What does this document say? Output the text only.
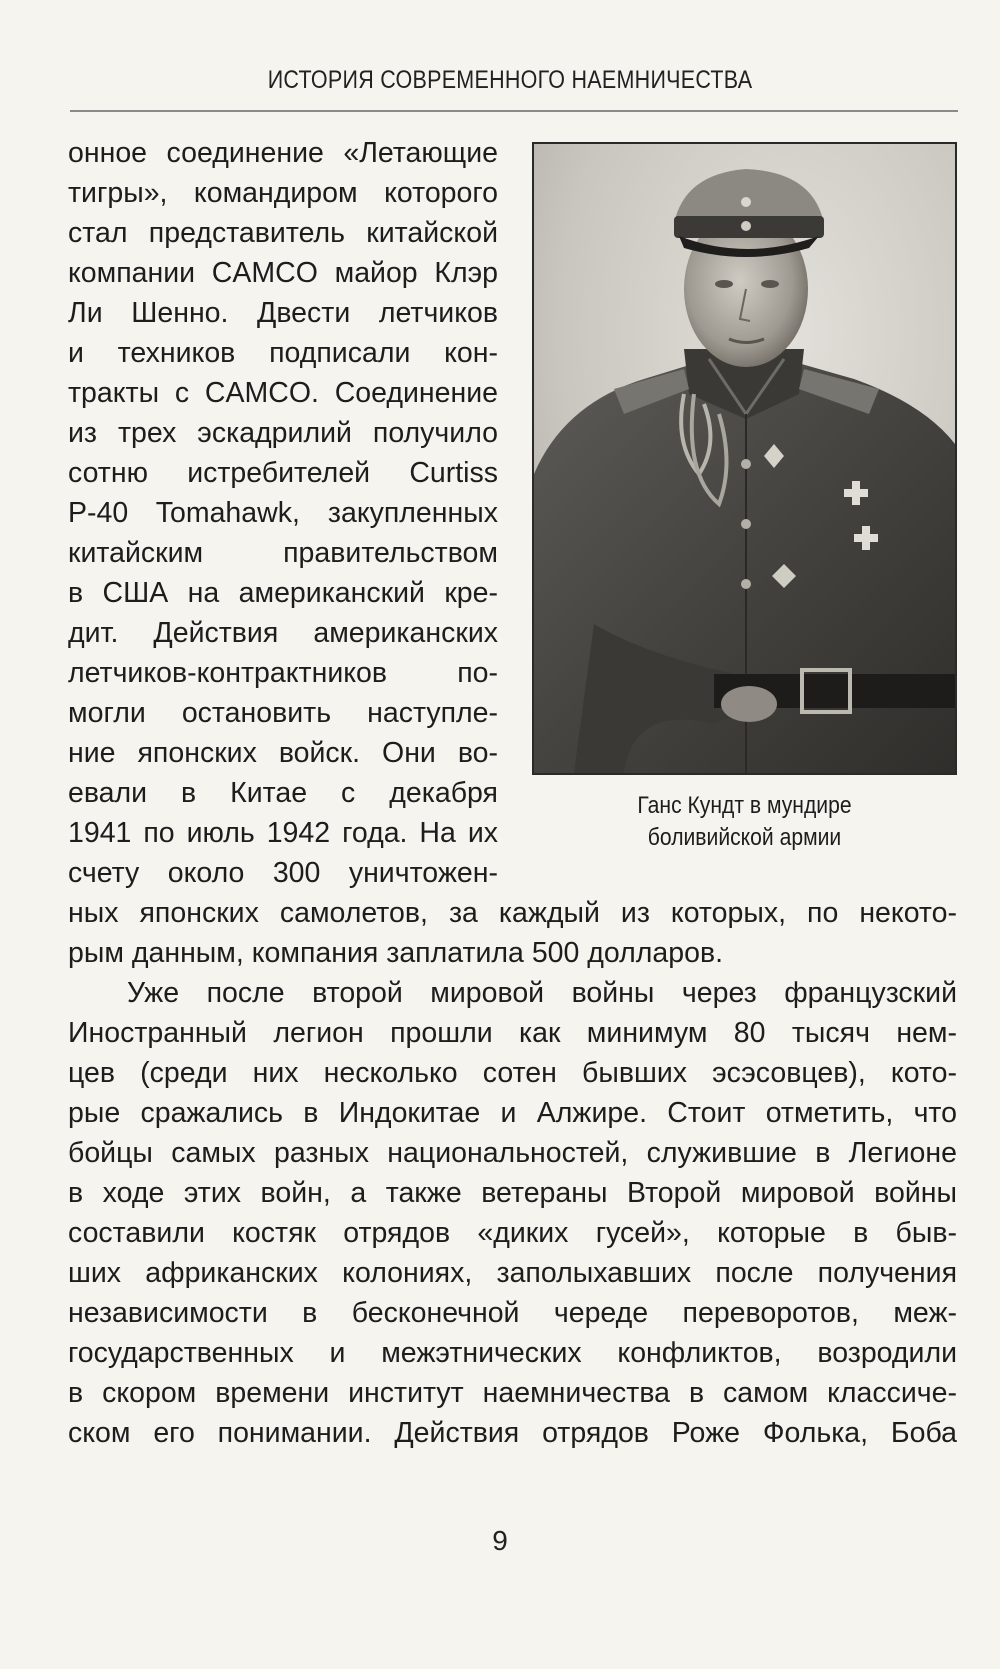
ИСТОРИЯ СОВРЕМЕННОГО НАЕМНИЧЕСТВА
онное соединение «Летающие
тигры», командиром которого
стал представитель китайской
компании CAMCO майор Клэр
Ли Шенно. Двести летчиков
и техников подписали кон-
тракты с CAMCO. Соединение
из трех эскадрилий получило
сотню истребителей Curtiss
P-40 Tomahawk, закупленных
китайским правительством
в США на американский кре-
дит. Действия американских
летчиков-контрактников по-
могли остановить наступле-
ние японских войск. Они во-
евали в Китае с декабря
1941 по июль 1942 года. На их
счету около 300 уничтожен-
ных японских самолетов, за каждый из которых, по некото-
рым данным, компания заплатила 500 долларов.
Уже после второй мировой войны через французский
Иностранный легион прошли как минимум 80 тысяч нем-
цев (среди них несколько сотен бывших эсэсовцев), кото-
рые сражались в Индокитае и Алжире. Стоит отметить, что
бойцы самых разных национальностей, служившие в Легионе
в ходе этих войн, а также ветераны Второй мировой войны
составили костяк отрядов «диких гусей», которые в быв-
ших африканских колониях, заполыхавших после получения
независимости в бесконечной череде переворотов, меж-
государственных и межэтнических конфликтов, возродили
в скором времени институт наемничества в самом классиче-
ском его понимании. Действия отрядов Роже Фолька, Боба
Ганс Кундт в мундире
боливийской армии
9
